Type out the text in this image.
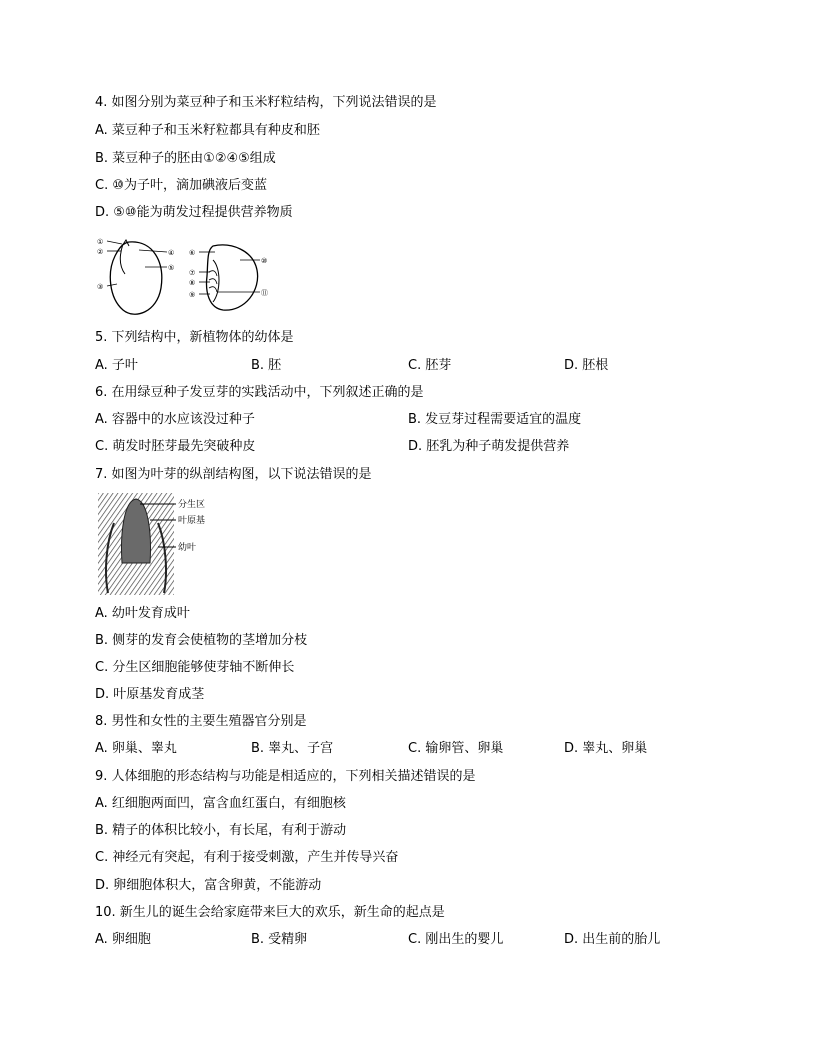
4. 如图分别为菜豆种子和玉米籽粒结构，下列说法错误的是
A. 菜豆种子和玉米籽粒都具有种皮和胚
B. 菜豆种子的胚由①②④⑤组成
C. ⑩为子叶，滴加碘液后变蓝
D. ⑤⑩能为萌发过程提供营养物质
①
②
③
④
⑤
⑥
⑦
⑧
⑨
⑩
⑪
5. 下列结构中，新植物体的幼体是
A. 子叶	B. 胚	C. 胚芽	D. 胚根
6. 在用绿豆种子发豆芽的实践活动中，下列叙述正确的是
A. 容器中的水应该没过种子	B. 发豆芽过程需要适宜的温度
C. 萌发时胚芽最先突破种皮	D. 胚乳为种子萌发提供营养
7. 如图为叶芽的纵剖结构图，以下说法错误的是
分生区
叶原基
幼叶
A. 幼叶发育成叶
B. 侧芽的发育会使植物的茎增加分枝
C. 分生区细胞能够使芽轴不断伸长
D. 叶原基发育成茎
8. 男性和女性的主要生殖器官分别是
A. 卵巢、睾丸	B. 睾丸、子宫	C. 输卵管、卵巢	D. 睾丸、卵巢
9. 人体细胞的形态结构与功能是相适应的，下列相关描述错误的是
A. 红细胞两面凹，富含血红蛋白，有细胞核
B. 精子的体积比较小，有长尾，有利于游动
C. 神经元有突起，有利于接受刺激，产生并传导兴奋
D. 卵细胞体积大，富含卵黄，不能游动
10. 新生儿的诞生会给家庭带来巨大的欢乐，新生命的起点是
A. 卵细胞	B. 受精卵	C. 刚出生的婴儿	D. 出生前的胎儿
